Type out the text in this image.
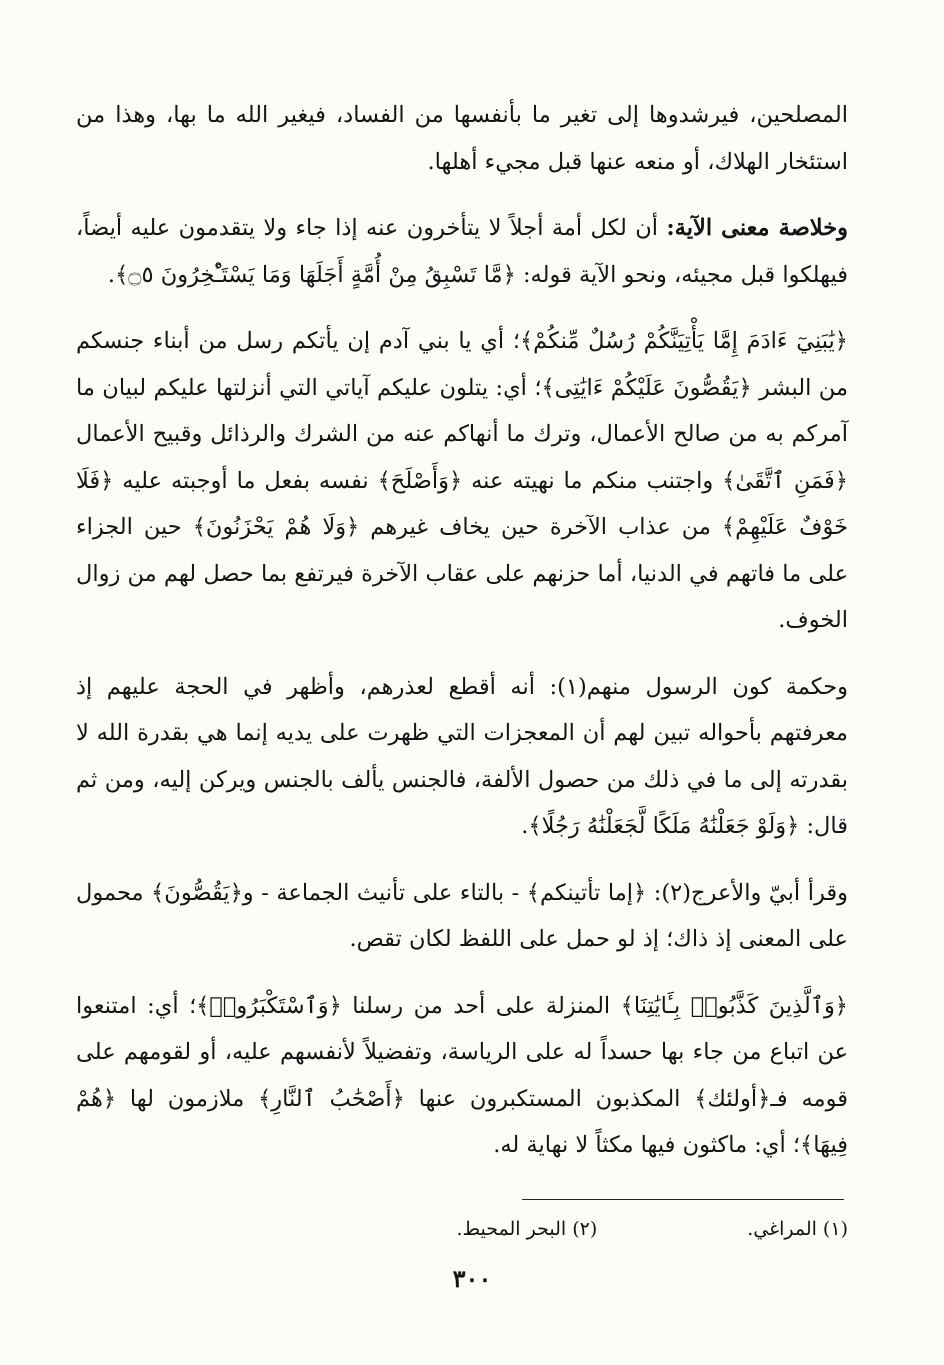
المصلحين، فيرشدوها إلى تغير ما بأنفسها من الفساد، فيغير الله ما بها، وهذا من استئخار الهلاك، أو منعه عنها قبل مجيء أهلها.

وخلاصة معنى الآية: أن لكل أمة أجلاً لا يتأخرون عنه إذا جاء ولا يتقدمون عليه أيضاً، فيهلكوا قبل مجيئه، ونحو الآية قوله: ﴿مَّا تَسْبِقُ مِنْ أُمَّةٍ أَجَلَهَا وَمَا يَسْتَـْٔخِرُونَ ۝٥﴾.

﴿يَٰبَنِيٓ ءَادَمَ إِمَّا يَأْتِيَنَّكُمْ رُسُلٌ مِّنكُمْ﴾؛ أي يا بني آدم إن يأتكم رسل من أبناء جنسكم من البشر ﴿يَقُصُّونَ عَلَيْكُمْ ءَايَٰتِى﴾؛ أي: يتلون عليكم آياتي التي أنزلتها عليكم لبيان ما آمركم به من صالح الأعمال، وترك ما أنهاكم عنه من الشرك والرذائل وقبيح الأعمال ﴿فَمَنِ ٱتَّقَىٰ﴾ واجتنب منكم ما نهيته عنه ﴿وَأَصْلَحَ﴾ نفسه بفعل ما أوجبته عليه ﴿فَلَا خَوْفٌ عَلَيْهِمْ﴾ من عذاب الآخرة حين يخاف غيرهم ﴿وَلَا هُمْ يَحْزَنُونَ﴾ حين الجزاء على ما فاتهم في الدنيا، أما حزنهم على عقاب الآخرة فيرتفع بما حصل لهم من زوال الخوف.

وحكمة كون الرسول منهم(١): أنه أقطع لعذرهم، وأظهر في الحجة عليهم إذ معرفتهم بأحواله تبين لهم أن المعجزات التي ظهرت على يديه إنما هي بقدرة الله لا بقدرته إلى ما في ذلك من حصول الألفة، فالجنس يألف بالجنس ويركن إليه، ومن ثم قال: ﴿وَلَوْ جَعَلْنَٰهُ مَلَكًا لَّجَعَلْنَٰهُ رَجُلًا﴾.

وقرأ أبيّ والأعرج(٢): ﴿إما تأتينكم﴾ - بالتاء على تأنيث الجماعة - و﴿يَقُصُّونَ﴾ محمول على المعنى إذ ذاك؛ إذ لو حمل على اللفظ لكان تقص.

﴿وَٱلَّذِينَ كَذَّبُوا۟ بِـَٔايَٰتِنَا﴾ المنزلة على أحد من رسلنا ﴿وَٱسْتَكْبَرُوا۟﴾؛ أي: امتنعوا عن اتباع من جاء بها حسداً له على الرياسة، وتفضيلاً لأنفسهم عليه، أو لقومهم على قومه فـ﴿أولئك﴾ المكذبون المستكبرون عنها ﴿أَصْحَٰبُ ٱلنَّارِ﴾ ملازمون لها ﴿هُمْ فِيهَا﴾؛ أي: ماكثون فيها مكثاً لا نهاية له.

(١) المراغي.
(٢) البحر المحيط.
٣٠٠
